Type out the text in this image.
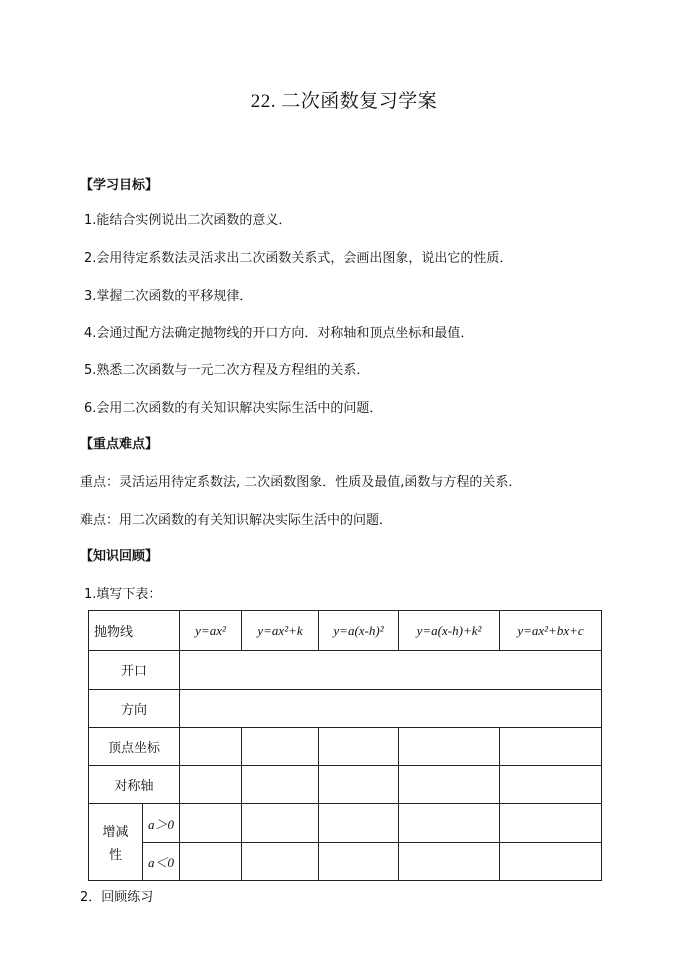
22. 二次函数复习学案
【学习目标】
1.能结合实例说出二次函数的意义．
2.会用待定系数法灵活求出二次函数关系式，会画出图象，说出它的性质．
3.掌握二次函数的平移规律．
4.会通过配方法确定抛物线的开口方向．对称轴和顶点坐标和最值．
5.熟悉二次函数与一元二次方程及方程组的关系．
6.会用二次函数的有关知识解决实际生活中的问题．
【重点难点】
重点：灵活运用待定系数法, 二次函数图象．性质及最值,函数与方程的关系．
难点：用二次函数的有关知识解决实际生活中的问题．
【知识回顾】
1.填写下表：
抛物线		y=ax²	y=ax²+k	y=a(x-h)²	y=a(x-h)+k²	y=ax²+bx+c
开口						
方向						
顶点坐标						
对称轴						

增减
性	a＞0					
	a＜0					
2．回顾练习
